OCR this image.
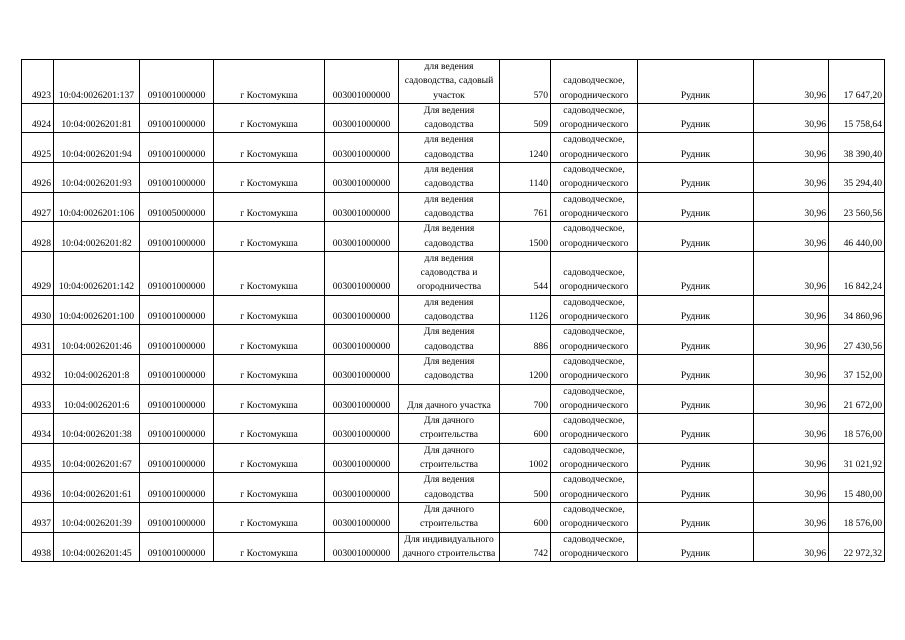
4923	10:04:0026201:137	091001000000	г Костомукша	003001000000	для ведения садоводства, садовый участок	570	садоводческое, огороднического	Рудник	30,96	17 647,20
4924	10:04:0026201:81	091001000000	г Костомукша	003001000000	Для ведения садоводства	509	садоводческое, огороднического	Рудник	30,96	15 758,64
4925	10:04:0026201:94	091001000000	г Костомукша	003001000000	для ведения садоводства	1240	садоводческое, огороднического	Рудник	30,96	38 390,40
4926	10:04:0026201:93	091001000000	г Костомукша	003001000000	для ведения садоводства	1140	садоводческое, огороднического	Рудник	30,96	35 294,40
4927	10:04:0026201:106	091005000000	г Костомукша	003001000000	для ведения садоводства	761	садоводческое, огороднического	Рудник	30,96	23 560,56
4928	10:04:0026201:82	091001000000	г Костомукша	003001000000	Для ведения садоводства	1500	садоводческое, огороднического	Рудник	30,96	46 440,00
4929	10:04:0026201:142	091001000000	г Костомукша	003001000000	для ведения садоводства и огородничества	544	садоводческое, огороднического	Рудник	30,96	16 842,24
4930	10:04:0026201:100	091001000000	г Костомукша	003001000000	для ведения садоводства	1126	садоводческое, огороднического	Рудник	30,96	34 860,96
4931	10:04:0026201:46	091001000000	г Костомукша	003001000000	Для ведения садоводства	886	садоводческое, огороднического	Рудник	30,96	27 430,56
4932	10:04:0026201:8	091001000000	г Костомукша	003001000000	Для ведения садоводства	1200	садоводческое, огороднического	Рудник	30,96	37 152,00
4933	10:04:0026201:6	091001000000	г Костомукша	003001000000	Для дачного участка	700	садоводческое, огороднического	Рудник	30,96	21 672,00
4934	10:04:0026201:38	091001000000	г Костомукша	003001000000	Для дачного строительства	600	садоводческое, огороднического	Рудник	30,96	18 576,00
4935	10:04:0026201:67	091001000000	г Костомукша	003001000000	Для дачного строительства	1002	садоводческое, огороднического	Рудник	30,96	31 021,92
4936	10:04:0026201:61	091001000000	г Костомукша	003001000000	Для ведения садоводства	500	садоводческое, огороднического	Рудник	30,96	15 480,00
4937	10:04:0026201:39	091001000000	г Костомукша	003001000000	Для дачного строительства	600	садоводческое, огороднического	Рудник	30,96	18 576,00
4938	10:04:0026201:45	091001000000	г Костомукша	003001000000	Для индивидуального дачного строительства	742	садоводческое, огороднического	Рудник	30,96	22 972,32
